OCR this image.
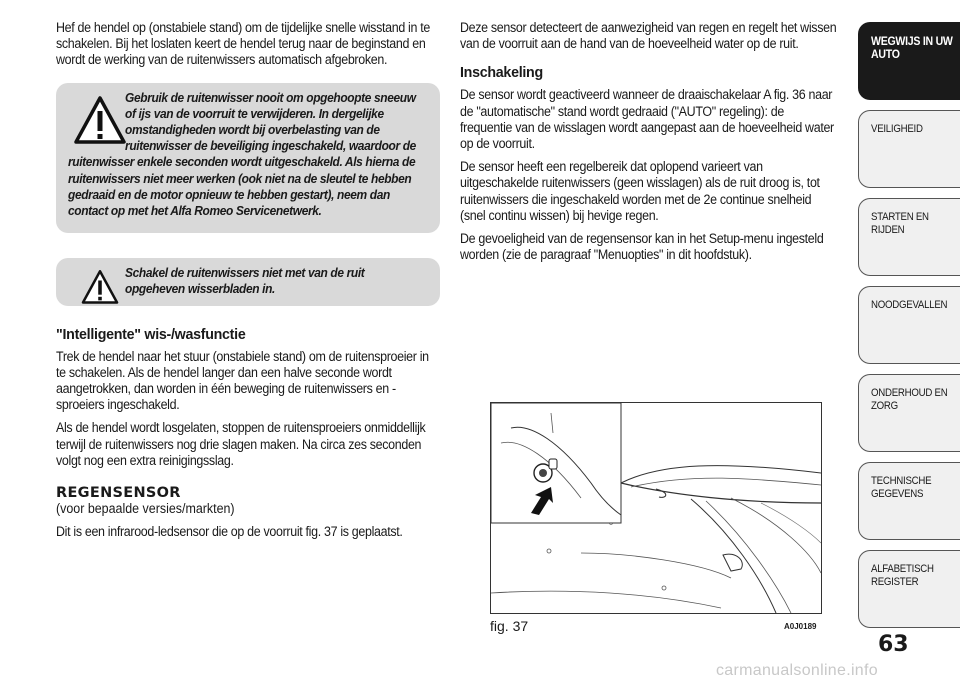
Hef de hendel op (onstabiele stand) om de tijdelijke snelle wisstand in te schakelen. Bij het loslaten keert de hendel terug naar de beginstand en wordt de werking van de ruitenwissers automatisch afgebroken.

Gebruik de ruitenwisser nooit om opgehoopte sneeuw of ijs van de voorruit te verwijderen. In dergelijke omstandigheden wordt bij overbelasting van de ruitenwisser de beveiliging ingeschakeld, waardoor de ruitenwisser enkele seconden wordt uitgeschakeld. Als hierna de ruitenwissers niet meer werken (ook niet na de sleutel te hebben gedraaid en de motor opnieuw te hebben gestart), neem dan contact op met het Alfa Romeo Servicenetwerk.
Schakel de ruitenwissers niet met van de ruit opgeheven wisserbladen in.
"Intelligente" wis-/wasfunctie

Trek de hendel naar het stuur (onstabiele stand) om de ruitensproeier in te schakelen. Als de hendel langer dan een halve seconde wordt aangetrokken, dan worden in één beweging de ruitenwissers en -sproeiers ingeschakeld.

Als de hendel wordt losgelaten, stoppen de ruitensproeiers onmiddellijk terwijl de ruitenwissers nog drie slagen maken. Na circa zes seconden volgt nog een extra reinigingsslag.

REGENSENSOR
(voor bepaalde versies/markten)

Dit is een infrarood-ledsensor die op de voorruit fig. 37 is geplaatst.

Deze sensor detecteert de aanwezigheid van regen en regelt het wissen van de voorruit aan de hand van de hoeveelheid water op de ruit.

Inschakeling

De sensor wordt geactiveerd wanneer de draaischakelaar A fig. 36 naar de "automatische" stand wordt gedraaid ("AUTO" regeling): de frequentie van de wisslagen wordt aangepast aan de hoeveelheid water op de voorruit.

De sensor heeft een regelbereik dat oplopend varieert van uitgeschakelde ruitenwissers (geen wisslagen) als de ruit droog is, tot ruitenwissers die ingeschakeld worden met de 2e continue snelheid (snel continu wissen) bij hevige regen.

De gevoeligheid van de regensensor kan in het Setup-menu ingesteld worden (zie de paragraaf "Menuopties" in dit hoofdstuk).

fig. 37	A0J0189
WEGWIJS IN UW AUTO
VEILIGHEID
STARTEN EN RIJDEN
NOODGEVALLEN
ONDERHOUD EN ZORG
TECHNISCHE GEGEVENS
ALFABETISCH REGISTER
63
carmanualsonline.info
